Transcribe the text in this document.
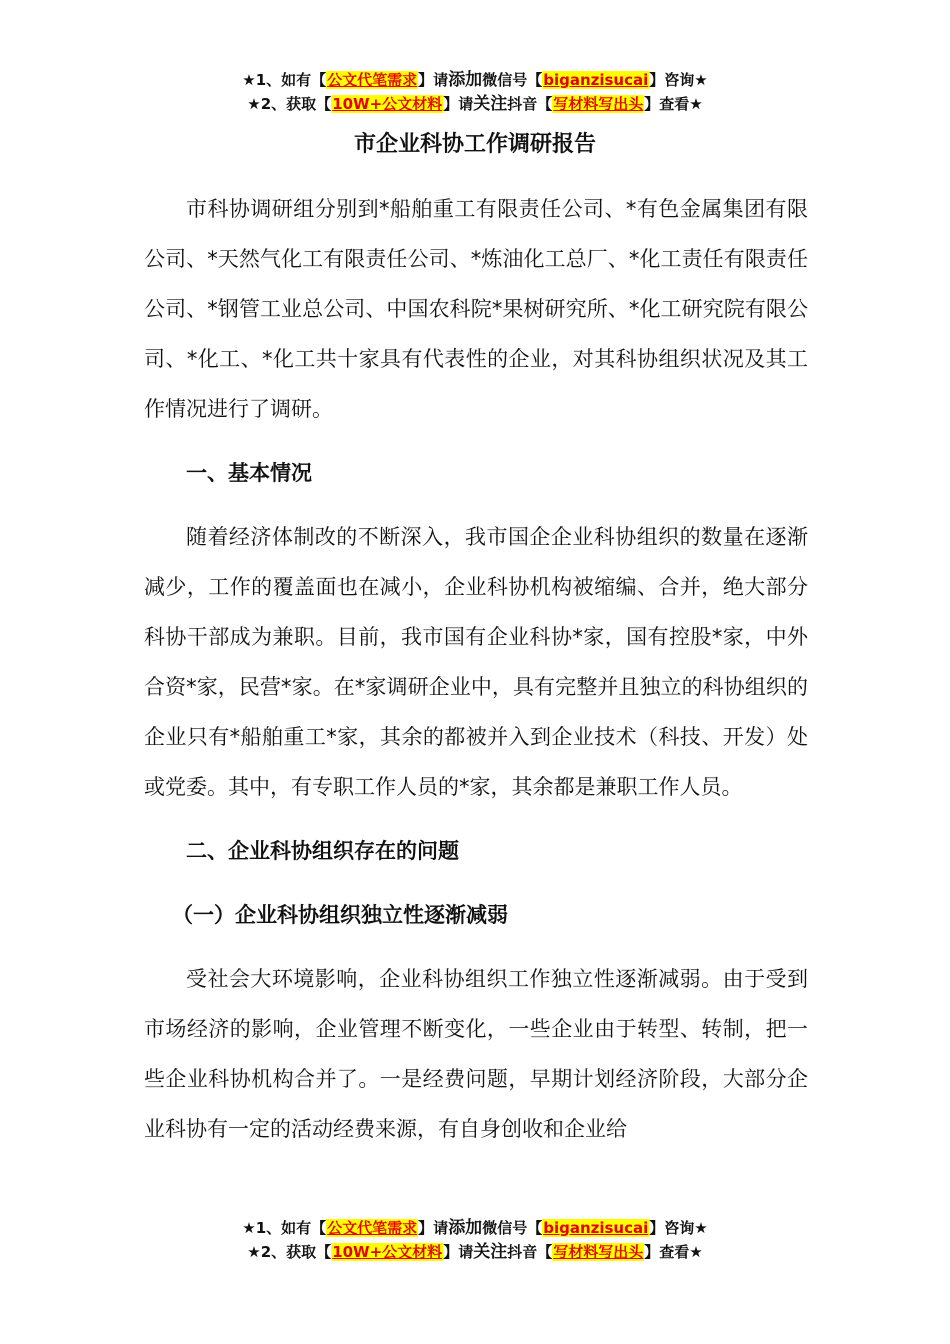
★1、如有【公文代笔需求】请添加微信号【biganzisucai】咨询★
★2、获取【10W+公文材料】请关注抖音【写材料写出头】查看★
市企业科协工作调研报告

市科协调研组分别到*船舶重工有限责任公司、*有色金属集团有限公司、*天然气化工有限责任公司、*炼油化工总厂、*化工责任有限责任公司、*钢管工业总公司、中国农科院*果树研究所、*化工研究院有限公司、*化工、*化工共十家具有代表性的企业，对其科协组织状况及其工作情况进行了调研。

一、基本情况

随着经济体制改的不断深入，我市国企企业科协组织的数量在逐渐减少，工作的覆盖面也在减小，企业科协机构被缩编、合并，绝大部分科协干部成为兼职。目前，我市国有企业科协*家，国有控股*家，中外合资*家，民营*家。在*家调研企业中，具有完整并且独立的科协组织的企业只有*船舶重工*家，其余的都被并入到企业技术（科技、开发）处或党委。其中，有专职工作人员的*家，其余都是兼职工作人员。

二、企业科协组织存在的问题

（一）企业科协组织独立性逐渐减弱

受社会大环境影响，企业科协组织工作独立性逐渐减弱。由于受到市场经济的影响，企业管理不断变化，一些企业由于转型、转制，把一些企业科协机构合并了。一是经费问题，早期计划经济阶段，大部分企业科协有一定的活动经费来源，有自身创收和企业给

★1、如有【公文代笔需求】请添加微信号【biganzisucai】咨询★
★2、获取【10W+公文材料】请关注抖音【写材料写出头】查看★
